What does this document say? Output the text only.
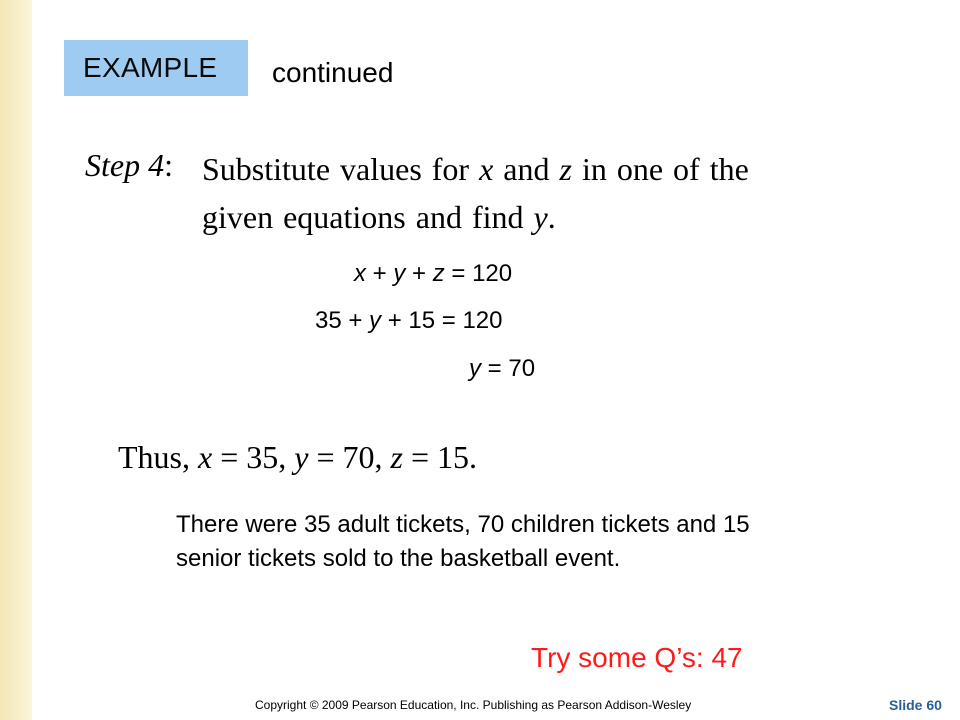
EXAMPLE continued
Step 4: Substitute values for x and z in one of the
given equations and find y.
x + y + z = 120
35 + y + 15 = 120
y = 70
Thus, x = 35, y = 70, z = 15.
There were 35 adult tickets, 70 children tickets and 15 senior tickets sold to the basketball event.
Try some Q’s: 47
Copyright © 2009 Pearson Education, Inc. Publishing as Pearson Addison-Wesley	Slide 60
